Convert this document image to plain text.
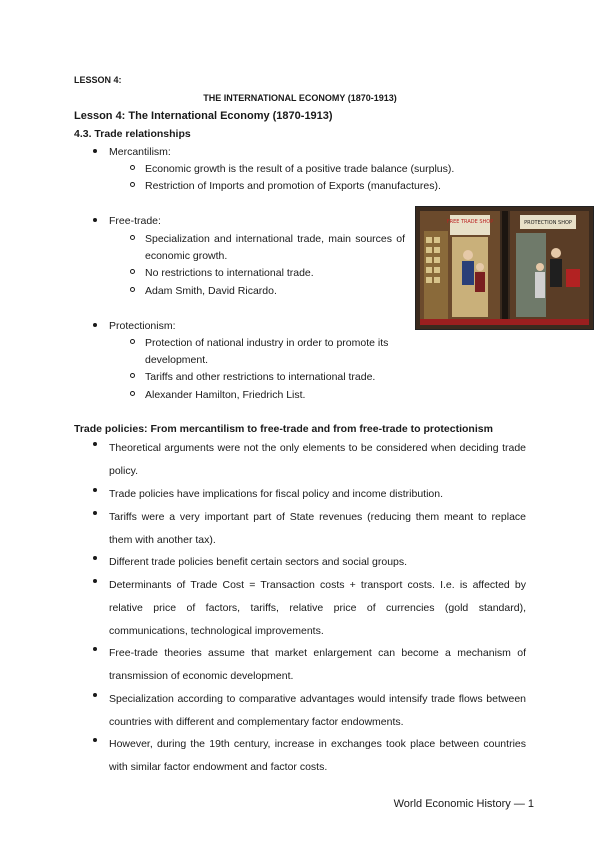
LESSON 4:
THE INTERNATIONAL ECONOMY (1870-1913)
Lesson 4: The International Economy (1870-1913)
4.3. Trade relationships
Mercantilism:
Economic growth is the result of a positive trade balance (surplus).
Restriction of Imports and promotion of Exports (manufactures).
Free-trade:
Specialization and international trade, main sources of economic growth.
No restrictions to international trade.
Adam Smith, David Ricardo.
Protectionism:
Protection of national industry in order to promote its development.
Tariffs and other restrictions to international trade.
Alexander Hamilton, Friedrich List.
FREE TRADE SHOP	PROTECTION SHOP
Trade policies: From mercantilism to free-trade and from free-trade to protectionism
Theoretical arguments were not the only elements to be considered when deciding trade policy.
Trade policies have implications for fiscal policy and income distribution.
Tariffs were a very important part of State revenues (reducing them meant to replace them with another tax).
Different trade policies benefit certain sectors and social groups.
Determinants of Trade Cost = Transaction costs + transport costs. I.e. is affected by relative price of factors, tariffs, relative price of currencies (gold standard), communications, technological improvements.
Free-trade theories assume that market enlargement can become a mechanism of transmission of economic development.
Specialization according to comparative advantages would intensify trade flows between countries with different and complementary factor endowments.
However, during the 19th century, increase in exchanges took place between countries with similar factor endowment and factor costs.
World Economic History — 1
